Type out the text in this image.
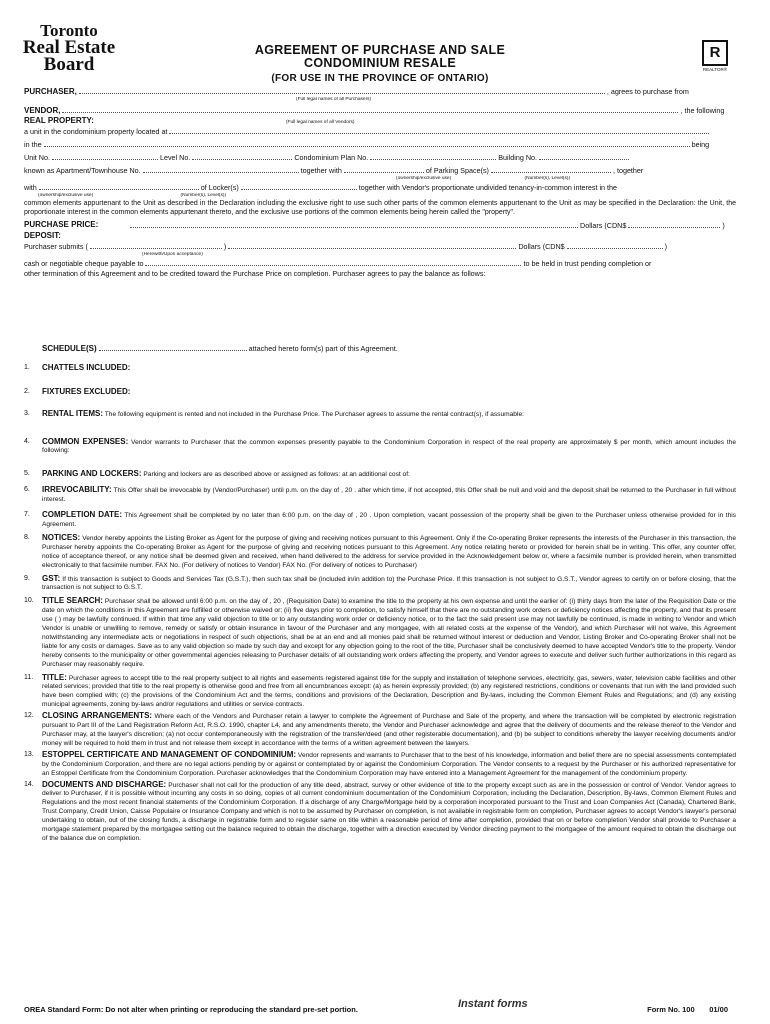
Toronto
Real Estate
Board
AGREEMENT OF PURCHASE AND SALE
CONDOMINIUM RESALE
(FOR USE IN THE PROVINCE OF ONTARIO)
R
REALTOR®
PURCHASER,	, agrees to purchase from
(Full legal names of all Purchasers)
VENDOR,	, the following
REAL PROPERTY:	(Full legal names of all Vendors)
a unit in the condominium property located at
in the	being
Unit No.	Level No.	Condominium Plan No.	Building No.
known as Apartment/Townhouse No.	together with	of Parking Space(s)	, together
(ownership/exclusive use)	(Number(s), Level(s))
with	of Locker(s)	together with Vendor's proportionate undivided tenancy-in-common interest in the
(ownership/exclusive use)	(Number(s), Level(s))
common elements appurtenant to the Unit as described in the Declaration including the exclusive right to use such other parts of the common elements appurtenant to the Unit as may be specified in the Declaration: the Unit, the proportionate interest in the common elements appurtenant thereto, and the exclusive use portions of the common elements being herein called the "property".
PURCHASE PRICE:	Dollars (CDN$	)
DEPOSIT:
Purchaser submits (	)	Dollars (CDN$	)
(Herewith/Upon acceptance)
cash or negotiable cheque payable to	to be held in trust pending completion or
other termination of this Agreement and to be credited toward the Purchase Price on completion. Purchaser agrees to pay the balance as follows:
SCHEDULE(S)	attached hereto form(s) part of this Agreement.
1. CHATTELS INCLUDED:
2. FIXTURES EXCLUDED:
3. RENTAL ITEMS: The following equipment is rented and not included in the Purchase Price. The Purchaser agrees to assume the rental contract(s), if assumable:
4. COMMON EXPENSES: Vendor warrants to Purchaser that the common expenses presently payable to the Condominium Corporation in respect of the real property are approximately $ per month, which amount includes the following:
5. PARKING AND LOCKERS: Parking and lockers are as described above or assigned as follows: at an additional cost of:
6. IRREVOCABILITY: This Offer shall be irrevocable by (Vendor/Purchaser) until p.m. on the day of , 20 . after which time, if not accepted, this Offer shall be null and void and the deposit shall be returned to the Purchaser in full without interest.
7. COMPLETION DATE: This Agreement shall be completed by no later than 6:00 p.m. on the day of , 20 . Upon completion, vacant possession of the property shall be given to the Purchaser unless otherwise provided for in this Agreement.
8. NOTICES: Vendor hereby appoints the Listing Broker as Agent for the purpose of giving and receiving notices pursuant to this Agreement. Only if the Co-operating Broker represents the interests of the Purchaser in this transaction, the Purchaser hereby appoints the Co-operating Broker as Agent for the purpose of giving and receiving notices pursuant to this Agreement. Any notice relating hereto or provided for herein shall be in writing. This offer, any counter offer, notice of acceptance thereof, or any notice shall be deemed given and received, when hand delivered to the address for service provided in the Acknowledgement below or, where a facsimile number is provided herein, when transmitted electronically to that facsimile number. FAX No. (For delivery of notices to Vendor) FAX No. (For delivery of notices to Purchaser)
9. GST: If this transaction is subject to Goods and Services Tax (G.S.T.), then such tax shall be (included in/in addition to) the Purchase Price. If this transaction is not subject to G.S.T., Vendor agrees to certify on or before closing, that the transaction is not subject to G.S.T.
10. TITLE SEARCH: Purchaser shall be allowed until 6:00 p.m. on the day of , 20 , (Requisition Date) to examine the title to the property at his own expense and until the earlier of: (i) thirty days from the later of the Requisition Date or the date on which the conditions in this Agreement are fulfilled or otherwise waived or; (ii) five days prior to completion, to satisfy himself that there are no outstanding work orders or deficiency notices affecting the property, and that its present use ( ) may be lawfully continued. If within that time any valid objection to title or to any outstanding work order or deficiency notice, or to the fact the said present use may not lawfully be continued, is made in writing to Vendor and which Vendor is unable or unwilling to remove, remedy or satisfy or obtain insurance in favour of the Purchaser and any mortgagee, with all related costs at the expense of the Vendor), and which Purchaser will not waive, this Agreement notwithstanding any intermediate acts or negotiations in respect of such objections, shall be at an end and all monies paid shall be returned without interest or deduction and Vendor, Listing Broker and Co-operating Broker shall not be liable for any costs or damages. Save as to any valid objection so made by such day and except for any objection going to the root of the title, Purchaser shall be conclusively deemed to have accepted Vendor's title to the property. Vendor hereby consents to the municipality or other governmental agencies releasing to Purchaser details of all outstanding work orders affecting the property, and Vendor agrees to execute and deliver such further authorizations in this regard as Purchaser may reasonably require.
11. TITLE: Purchaser agrees to accept title to the real property subject to all rights and easements registered against title for the supply and installation of telephone services, electricity, gas, sewers, water, television cable facilities and other related services; provided that title to the real property is otherwise good and free from all encumbrances except: (a) as herein expressly provided; (b) any registered restrictions, conditions or covenants that run with the land provided such have been complied with; (c) the provisions of the Condominium Act and the terms, conditions and provisions of the Declaration, Description and By-laws, including the Common Element Rules and Regulations; and (d) any existing municipal agreements, zoning by-laws and/or regulations and utilities or service contracts.
12. CLOSING ARRANGEMENTS: Where each of the Vendors and Purchaser retain a lawyer to complete the Agreement of Purchase and Sale of the property, and where the transaction will be completed by electronic registration pursuant to Part III of the Land Registration Reform Act, R.S.O. 1990, chapter L4, and any amendments thereto, the Vendor and Purchaser acknowledge and agree that the delivery of documents and the release thereof to the Vendor and Purchaser may, at the lawyer's discretion; (a) not occur contemporaneously with the registration of the transfer/deed (and other registerable documentation), and (b) be subject to conditions whereby the lawyer receiving documents and/or money will be required to hold them in trust and not release them except in accordance with the terms of a written agreement between the lawyers.
13. ESTOPPEL CERTIFICATE AND MANAGEMENT OF CONDOMINIUM: Vendor represents and warrants to Purchaser that to the best of his knowledge, information and belief there are no special assessments contemplated by the Condominium Corporation, and there are no legal actions pending by or against or contemplated by or against the Condominium Corporation. The Vendor consents to a request by the Purchaser or his authorized representative for an Estoppel Certificate from the Condominium Corporation. Purchaser acknowledges that the Condominium Corporation may have entered into a Management Agreement for the management of the condominium property.
14. DOCUMENTS AND DISCHARGE: Purchaser shall not call for the production of any title deed, abstract, survey or other evidence of title to the property except such as are in the possession or control of Vendor. Vendor agrees to deliver to Purchaser, if it is possible without incurring any costs in so doing, copies of all current condominium documentation of the Condominium Corporation, including the Declaration, Description, By-laws, Common Element Rules and Regulations and the most recent financial statements of the Condominium Corporation. If a discharge of any Charge/Mortgage held by a corporation incorporated pursuant to the Trust and Loan Companies Act (Canada), Chartered Bank, Trust Company, Credit Union, Caisse Populaire or Insurance Company and which is not to be assumed by Purchaser on completion, is not available in registrable form on completion, Purchaser agrees to accept Vendor's lawyer's personal undertaking to obtain, out of the closing funds, a discharge in registrable form and to register same on title within a reasonable period of time after completion, provided that on or before completion Vendor shall provide to Purchaser a mortgage statement prepared by the mortgagee setting out the balance required to obtain the discharge, together with a direction executed by Vendor directing payment to the mortgagee of the amount required to obtain the discharge out of the balance due on completion.
Instant forms
OREA Standard Form: Do not alter when printing or reproducing the standard pre-set portion.	Form No. 100 01/00
